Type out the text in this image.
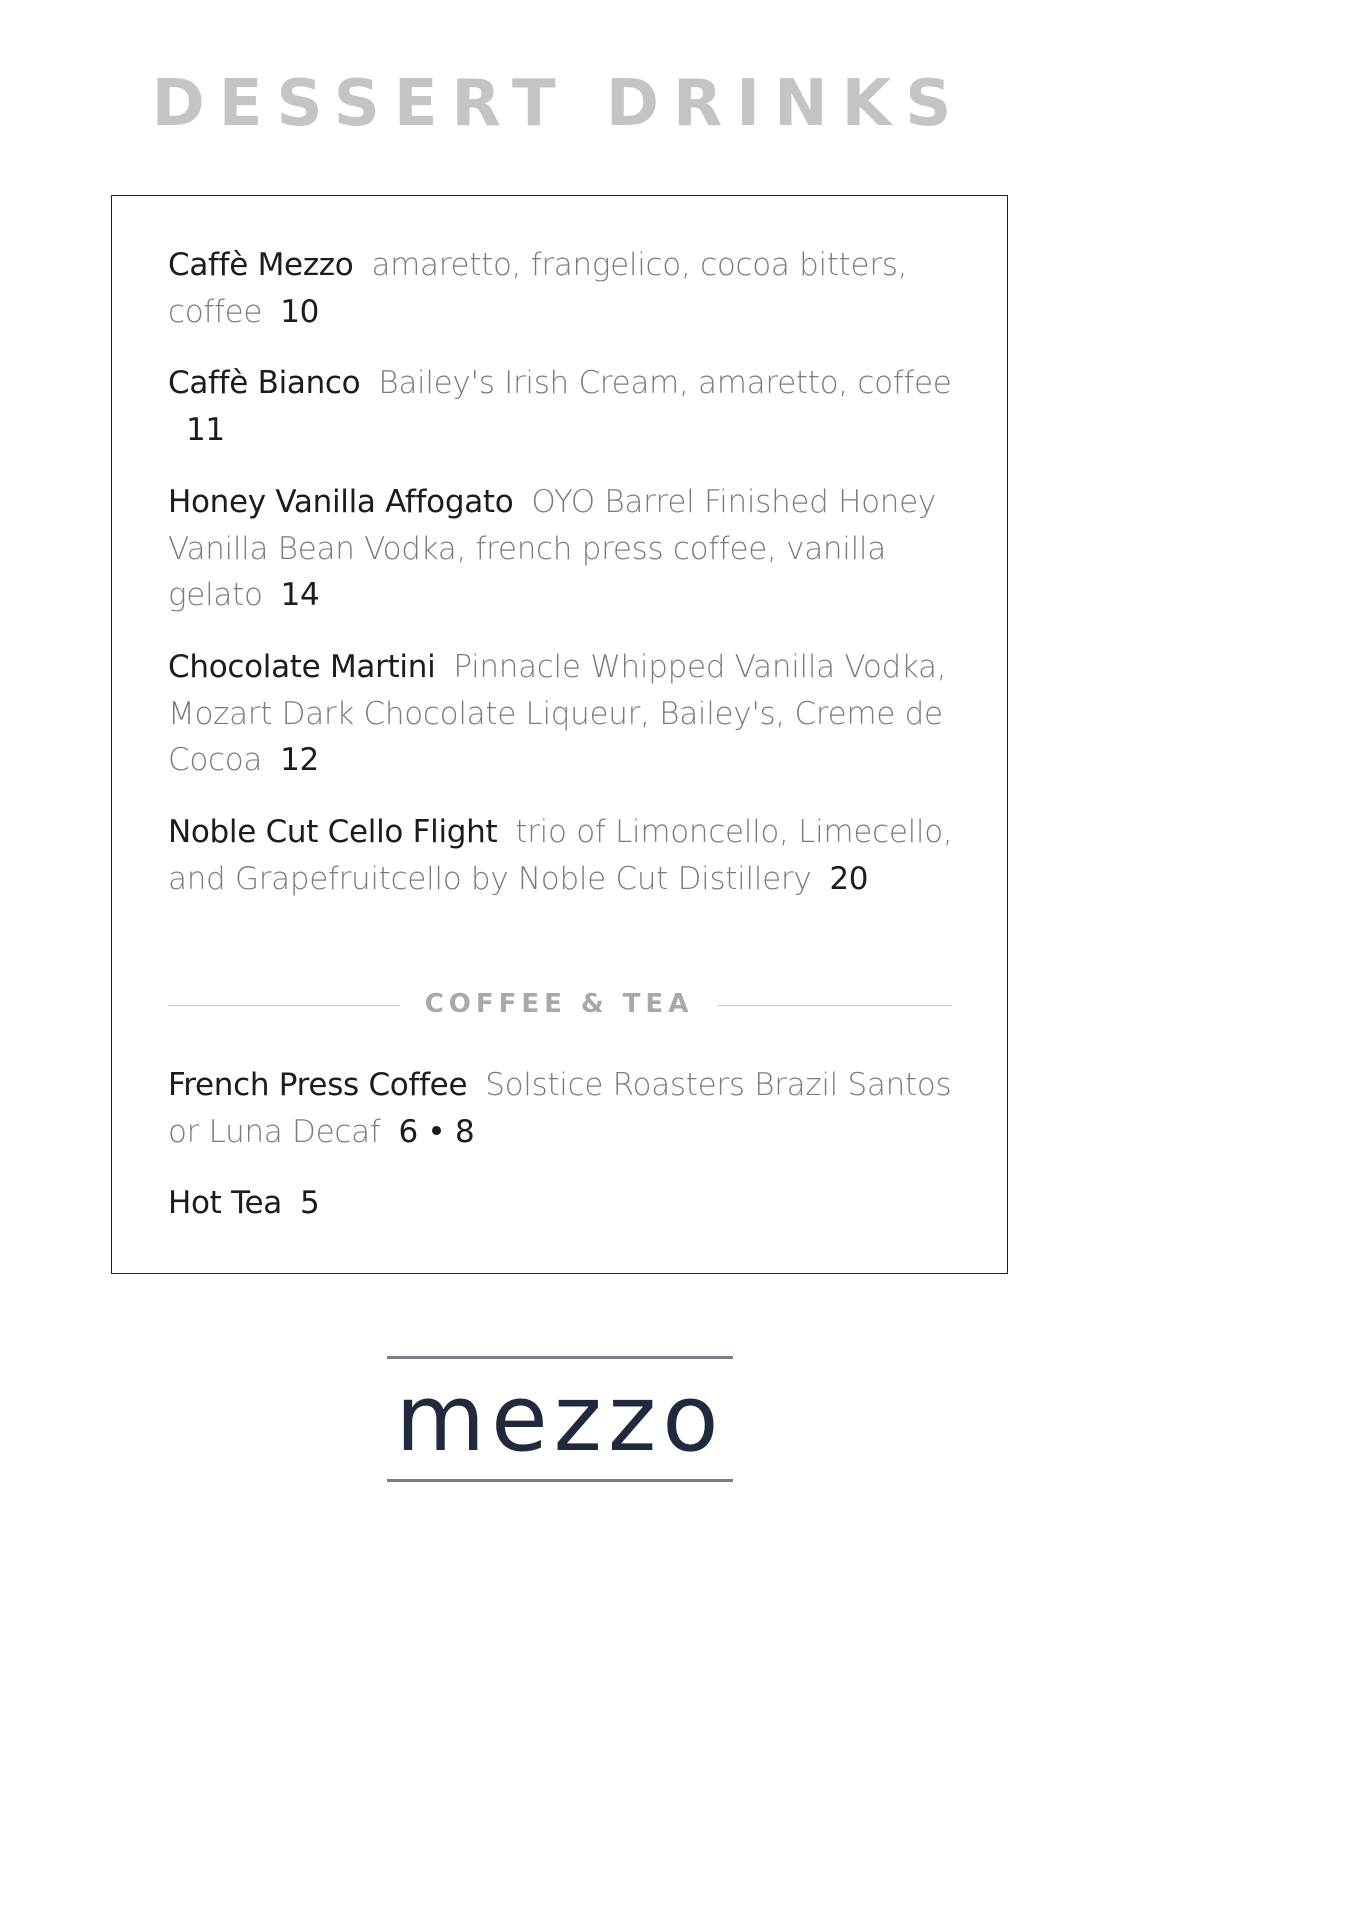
DESSERT DRINKS
Caffè Mezzo amaretto, frangelico, cocoa bitters, coffee 10
Caffè Bianco Bailey's Irish Cream, amaretto, coffee11
Honey Vanilla Affogato OYO Barrel Finished Honey Vanilla Bean Vodka, french press coffee, vanilla gelato 14
Chocolate Martini Pinnacle Whipped Vanilla Vodka, Mozart Dark Chocolate Liqueur, Bailey's, Creme de Cocoa 12
Noble Cut Cello Flight trio of Limoncello, Limecello, and Grapefruitcello by Noble Cut Distillery 20
COFFEE & TEA
French Press Coffee Solstice Roasters Brazil Santos or Luna Decaf 6 • 8
Hot Tea 5
mezzo
